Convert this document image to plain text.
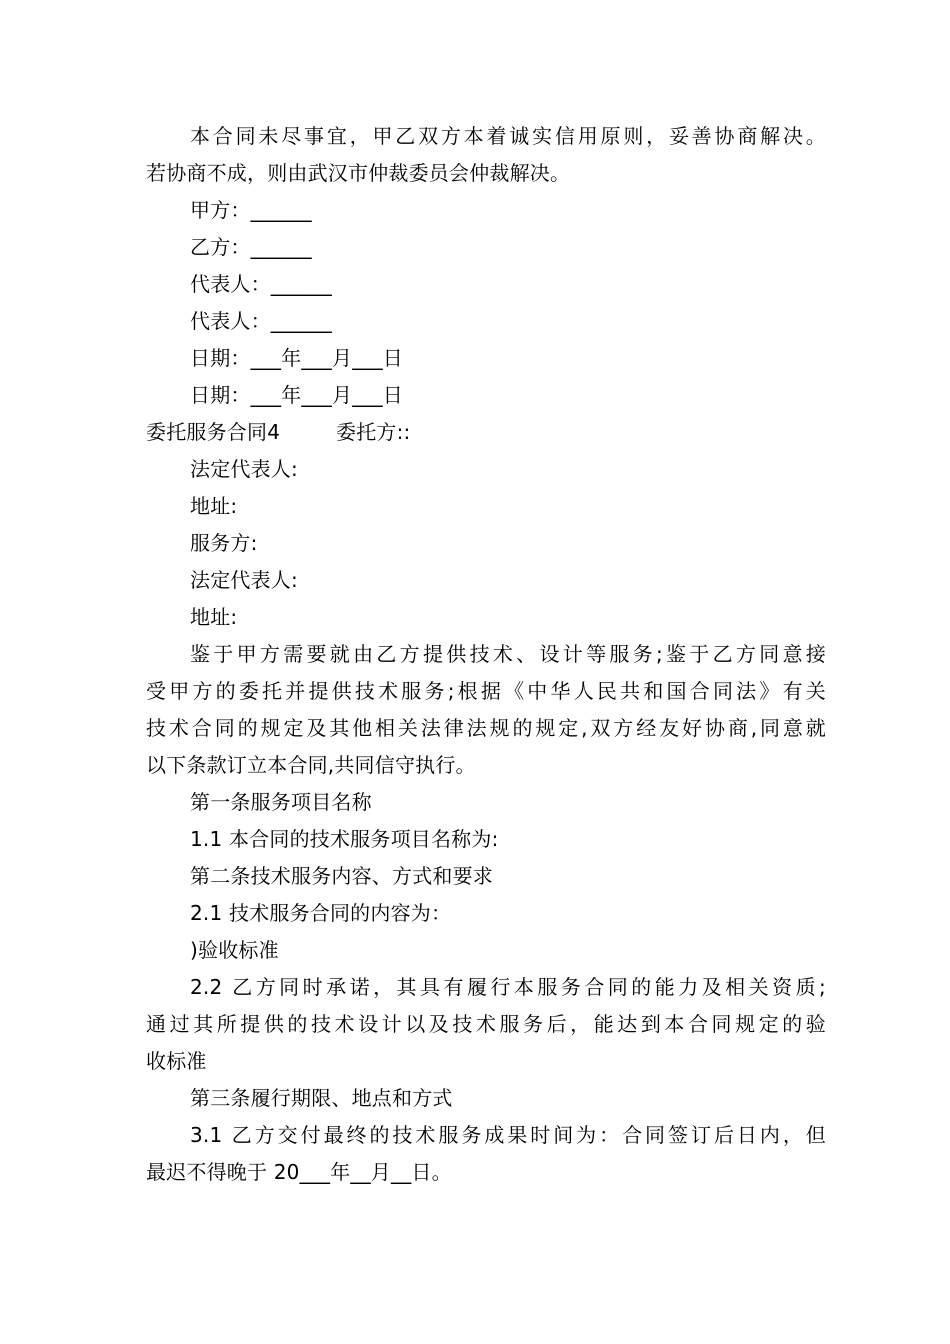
本合同未尽事宜，甲乙双方本着诚实信用原则，妥善协商解决。
若协商不成，则由武汉市仲裁委员会仲裁解决。
甲方：______
乙方：______
代表人：______
代表人：______
日期：___年___月___日
日期：___年___月___日
委托服务合同4	委托方::
法定代表人:
地址:
服务方:
法定代表人:
地址:
鉴于甲方需要就由乙方提供技术、设计等服务;鉴于乙方同意接
受甲方的委托并提供技术服务;根据《中华人民共和国合同法》有关
技术合同的规定及其他相关法律法规的规定,双方经友好协商,同意就
以下条款订立本合同,共同信守执行。
第一条服务项目名称
1.1 本合同的技术服务项目名称为:
第二条技术服务内容、方式和要求
2.1 技术服务合同的内容为：
)验收标准
2.2 乙方同时承诺，其具有履行本服务合同的能力及相关资质;
通过其所提供的技术设计以及技术服务后，能达到本合同规定的验
收标准
第三条履行期限、地点和方式
3.1 乙方交付最终的技术服务成果时间为：合同签订后日内，但
最迟不得晚于 20___年__月__日。
